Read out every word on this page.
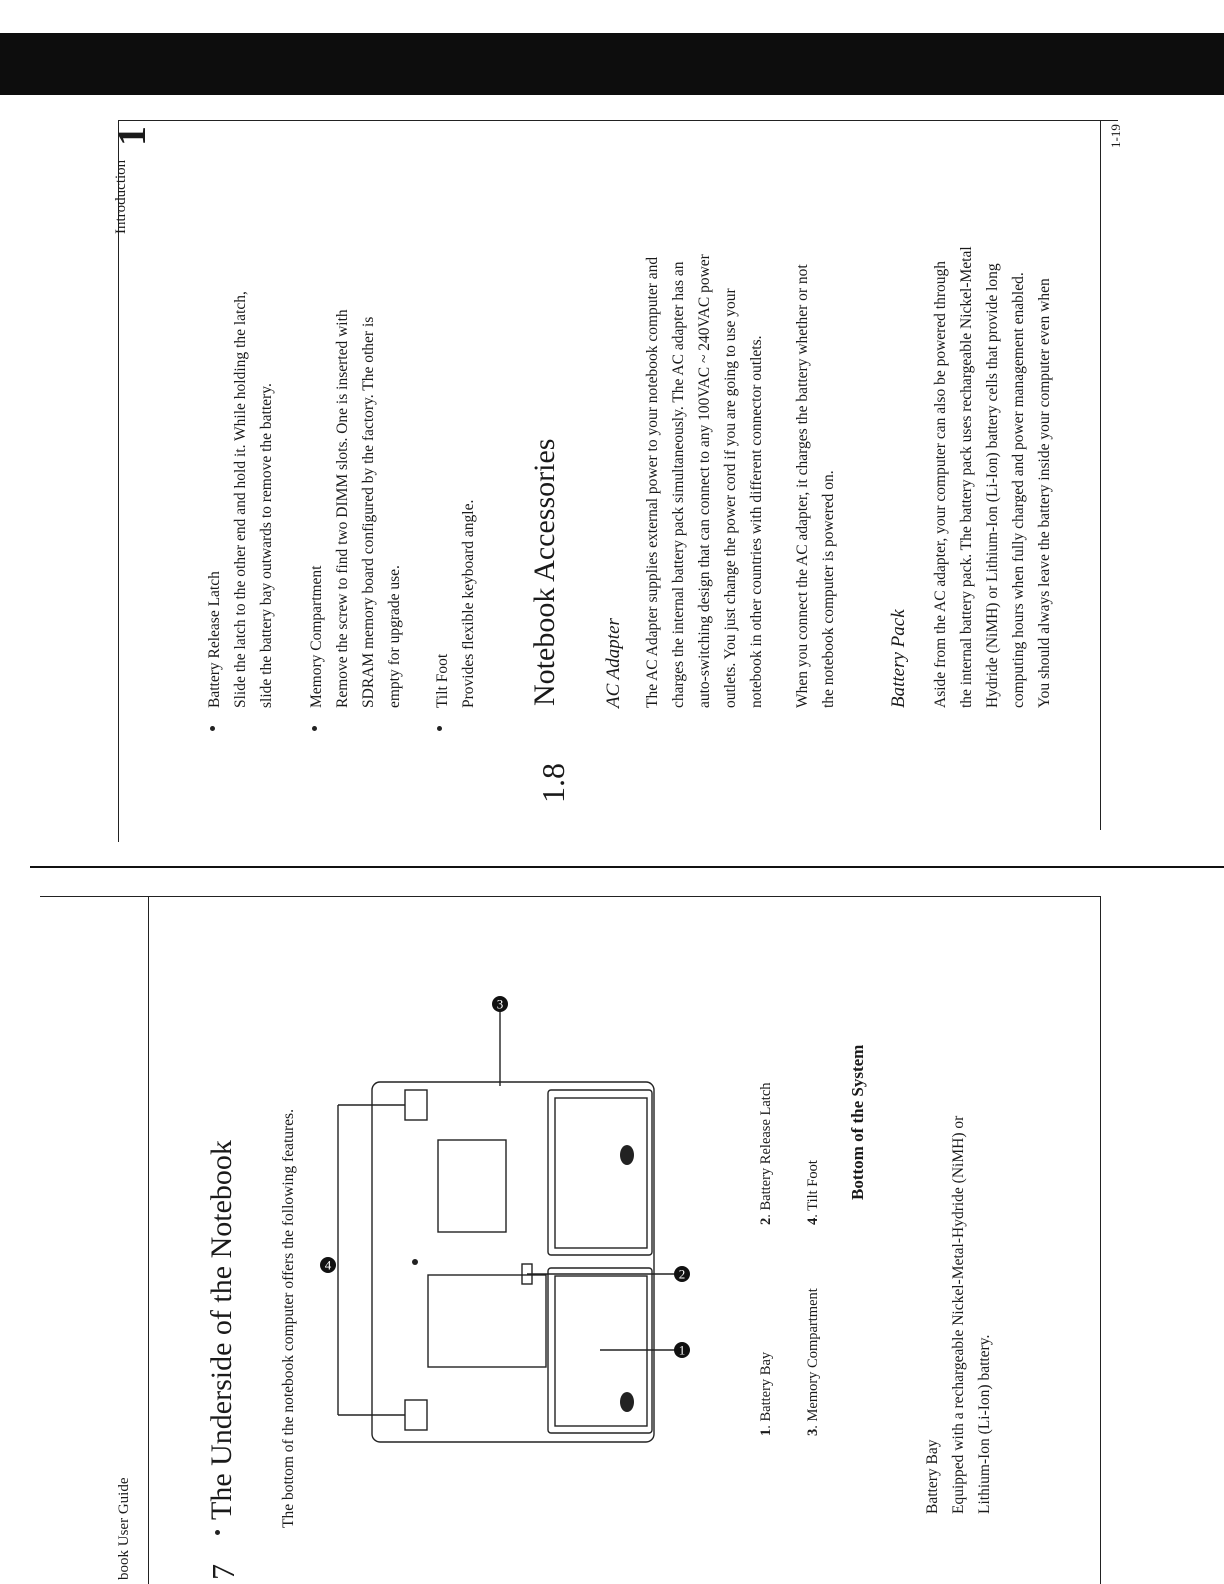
1
Introduction
1-19
Battery Release Latch Slide the latch to the other end and hold it. While holding the latch, slide the battery bay outwards to remove the battery.	Memory Compartment Remove the screw to find two DIMM slots. One is inserted with SDRAM memory board configured by the factory. The other is empty for upgrade use.	Tilt Foot Provides flexible keyboard angle.
1.8
Notebook Accessories AC Adapter The AC Adapter supplies external power to your notebook computer and charges the internal battery pack simultaneously. The AC adapter has an auto-switching design that can connect to any 100VAC ~ 240VAC power outlets. You just change the power cord if you are going to use your notebook in other countries with different connector outlets.	When you connect the AC adapter, it charges the battery whether or not the notebook computer is powered on.	Battery Pack Aside from the AC adapter, your computer can also be powered through the internal battery pack. The battery pack uses rechargeable Nickel-Metal Hydride (NiMH) or Lithium-Ion (Li-Ion) battery cells that provide long computing hours when fully charged and power management enabled. You should always leave the battery inside your computer even when
book User Guide 7
The Underside of the Notebook	The bottom of the notebook computer offers the following features. 4
3
2
1
1. Battery Bay
2. Battery Release Latch
3. Memory Compartment
4. Tilt Foot Bottom of the System
Battery Bay Equipped with a rechargeable Nickel-Metal-Hydride (NiMH) or Lithium-Ion (Li-Ion) battery.
